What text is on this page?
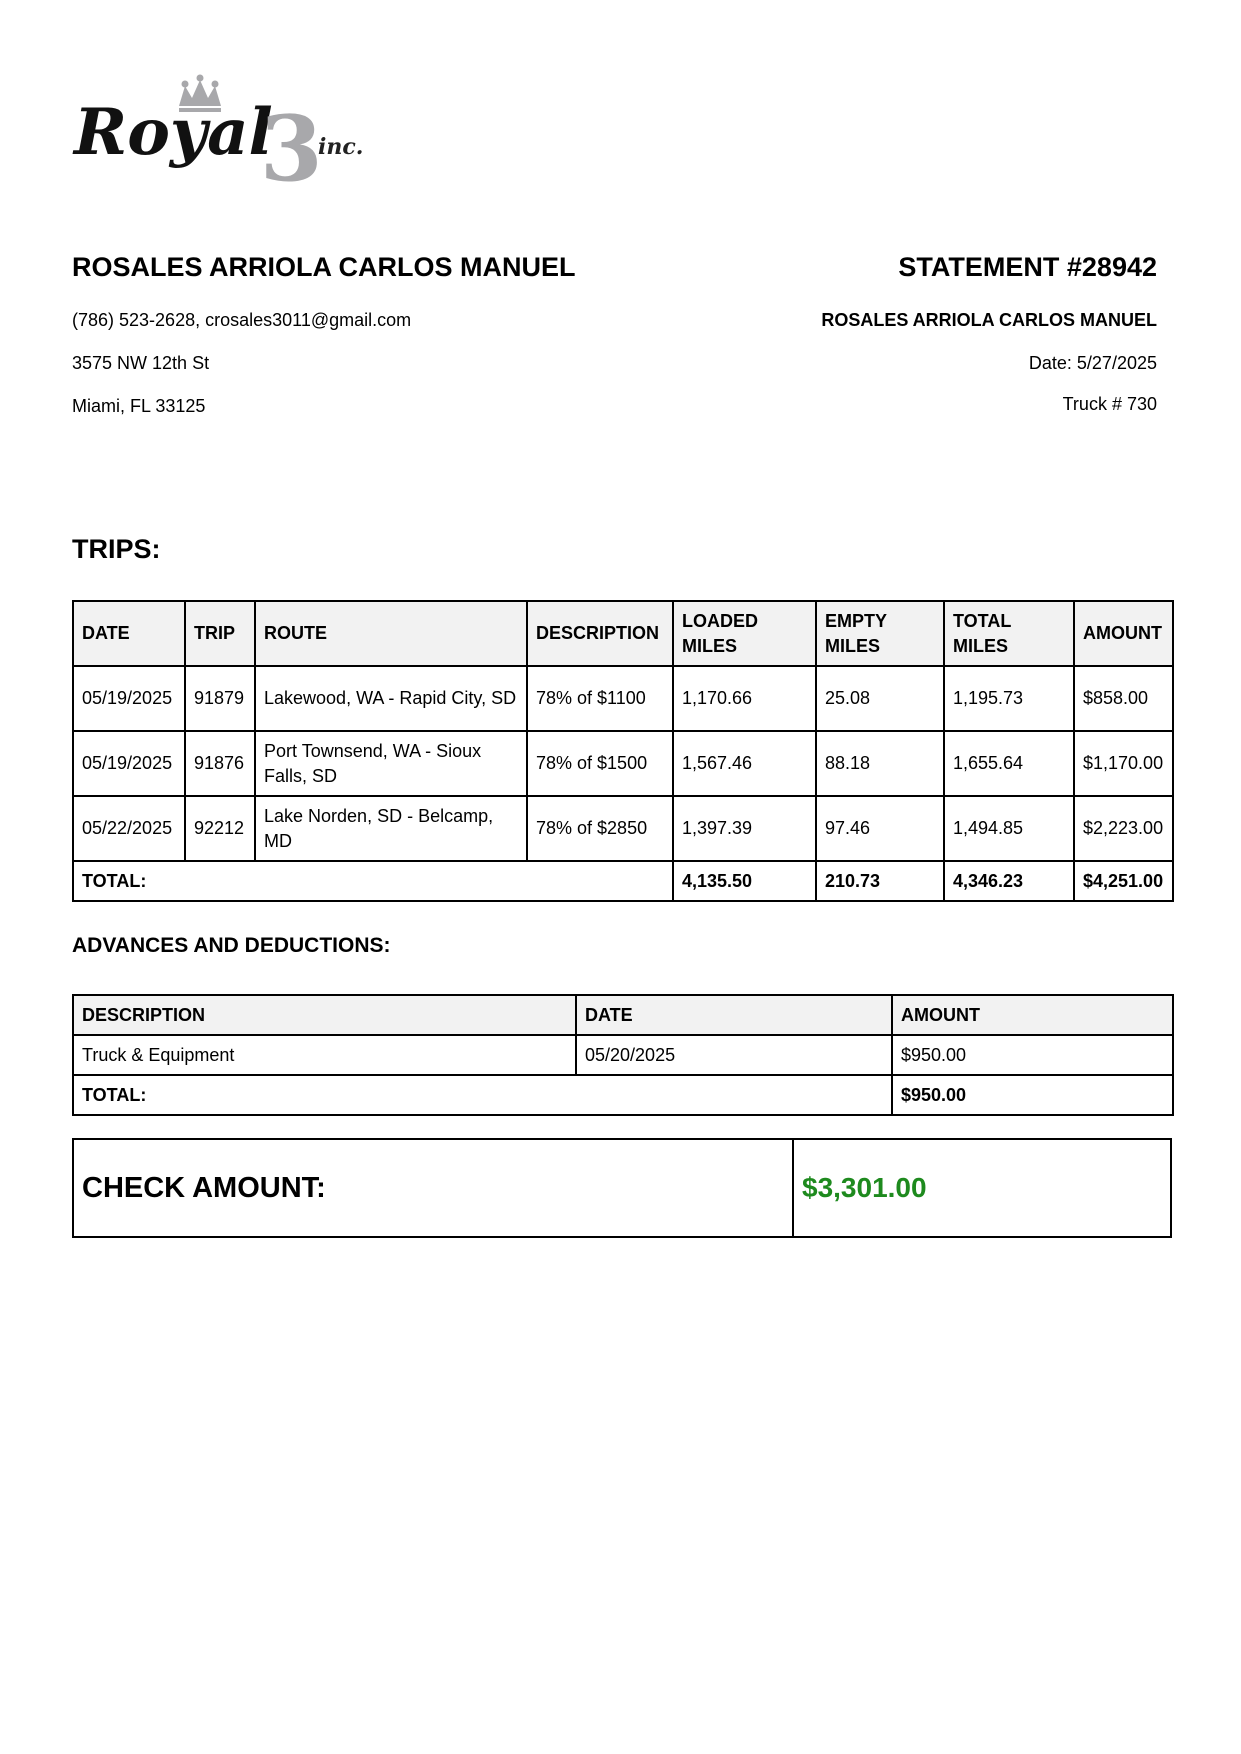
Royal
3
inc.
ROSALES ARRIOLA CARLOS MANUEL
(786) 523-2628, crosales3011@gmail.com
3575 NW 12th St
Miami, FL 33125
STATEMENT #28942
ROSALES ARRIOLA CARLOS MANUEL
Date: 5/27/2025
Truck # 730
TRIPS:
DATE	TRIP	ROUTE	DESCRIPTION	LOADED MILES	EMPTY MILES	TOTAL MILES	AMOUNT
05/19/2025	91879	Lakewood, WA - Rapid City, SD	78% of $1100	1,170.66	25.08	1,195.73	$858.00
05/19/2025	91876	Port Townsend, WA - Sioux Falls, SD	78% of $1500	1,567.46	88.18	1,655.64	$1,170.00
05/22/2025	92212	Lake Norden, SD - Belcamp, MD	78% of $2850	1,397.39	97.46	1,494.85	$2,223.00
TOTAL:				4,135.50	210.73	4,346.23	$4,251.00
ADVANCES AND DEDUCTIONS:
DESCRIPTION	DATE	AMOUNT
Truck & Equipment	05/20/2025	$950.00
TOTAL:		$950.00
CHECK AMOUNT:	$3,301.00
